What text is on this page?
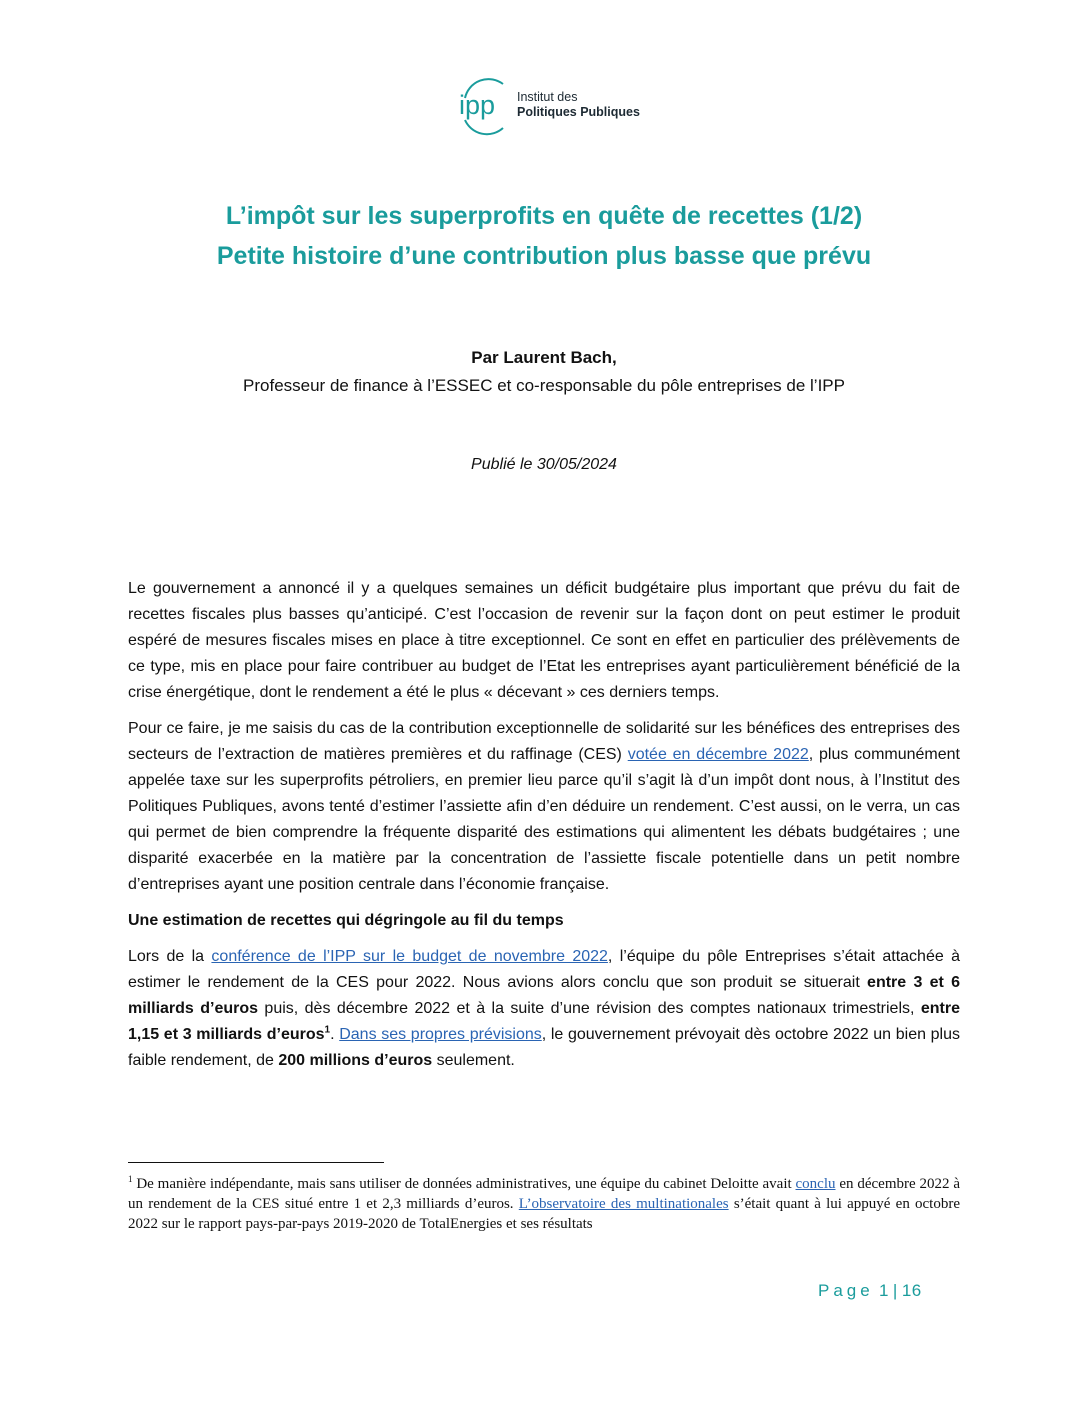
ipp Institut des
Politiques Publiques
L’impôt sur les superprofits en quête de recettes (1/2)
Petite histoire d’une contribution plus basse que prévu
Par Laurent Bach,
Professeur de finance à l’ESSEC et co-responsable du pôle entreprises de l’IPP
Publié le 30/05/2024

Le gouvernement a annoncé il y a quelques semaines un déficit budgétaire plus important que prévu du fait de recettes fiscales plus basses qu’anticipé. C’est l’occasion de revenir sur la façon dont on peut estimer le produit espéré de mesures fiscales mises en place à titre exceptionnel. Ce sont en effet en particulier des prélèvements de ce type, mis en place pour faire contribuer au budget de l’Etat les entreprises ayant particulièrement bénéficié de la crise énergétique, dont le rendement a été le plus « décevant » ces derniers temps.

Pour ce faire, je me saisis du cas de la contribution exceptionnelle de solidarité sur les bénéfices des entreprises des secteurs de l’extraction de matières premières et du raffinage (CES) votée en décembre 2022, plus communément appelée taxe sur les superprofits pétroliers, en premier lieu parce qu’il s’agit là d’un impôt dont nous, à l’Institut des Politiques Publiques, avons tenté d’estimer l’assiette afin d’en déduire un rendement. C’est aussi, on le verra, un cas qui permet de bien comprendre la fréquente disparité des estimations qui alimentent les débats budgétaires ; une disparité exacerbée en la matière par la concentration de l’assiette fiscale potentielle dans un petit nombre d’entreprises ayant une position centrale dans l’économie française.

Une estimation de recettes qui dégringole au fil du temps

Lors de la conférence de l’IPP sur le budget de novembre 2022, l’équipe du pôle Entreprises s’était attachée à estimer le rendement de la CES pour 2022. Nous avions alors conclu que son produit se situerait entre 3 et 6 milliards d’euros puis, dès décembre 2022 et à la suite d’une révision des comptes nationaux trimestriels, entre 1,15 et 3 milliards d’euros$^1$. Dans ses propres prévisions, le gouvernement prévoyait dès octobre 2022 un bien plus faible rendement, de 200 millions d’euros seulement.

$^1$ De manière indépendante, mais sans utiliser de données administratives, une équipe du cabinet Deloitte avait conclu en décembre 2022 à un rendement de la CES situé entre 1 et 2,3 milliards d’euros. L’observatoire des multinationales s’était quant à lui appuyé en octobre 2022 sur le rapport pays-par-pays 2019-2020 de TotalEnergies et ses résultats
Page 1 | 16
